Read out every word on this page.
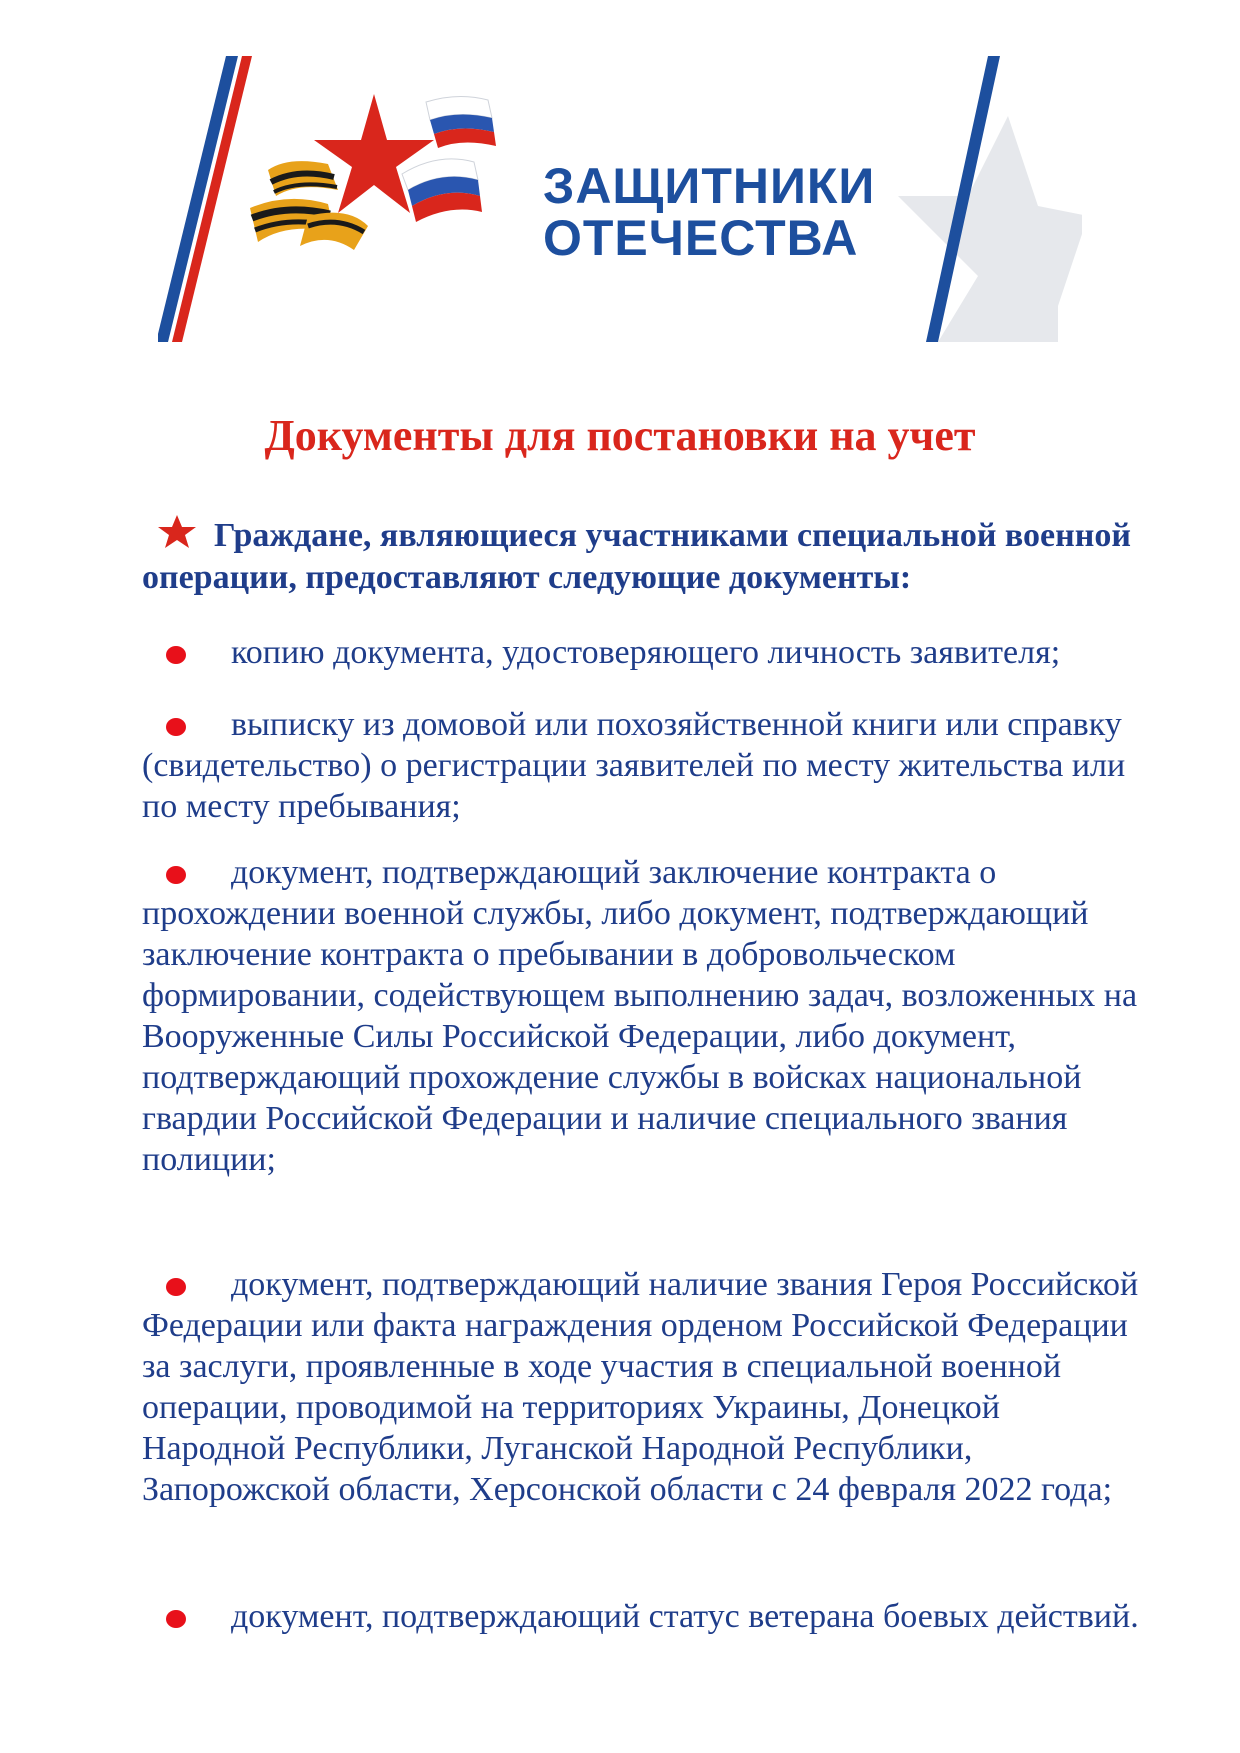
ЗАЩИТНИКИ
ОТЕЧЕСТВА

Документы для постановки на учет

Граждане, являющиеся участниками специальной военной операции, предоставляют следующие документы:

копию документа, удостоверяющего личность заявителя;

выписку из домовой или похозяйственной книги или справку (свидетельство) о регистрации заявителей по месту жительства или по месту пребывания;

документ, подтверждающий заключение контракта о прохождении военной службы, либо документ, подтверждающий заключение контракта о пребывании в добровольческом формировании, содействующем выполнению задач, возложенных на Вооруженные Силы Российской Федерации, либо документ, подтверждающий прохождение службы в войсках национальной гвардии Российской Федерации и наличие специального звания полиции;

документ, подтверждающий наличие звания Героя Российской Федерации или факта награждения орденом Российской Федерации за заслуги, проявленные в ходе участия в специальной военной операции, проводимой на территориях Украины, Донецкой Народной Республики, Луганской Народной Республики, Запорожской области, Херсонской области с 24 февраля 2022 года;

документ, подтверждающий статус ветерана боевых действий.
